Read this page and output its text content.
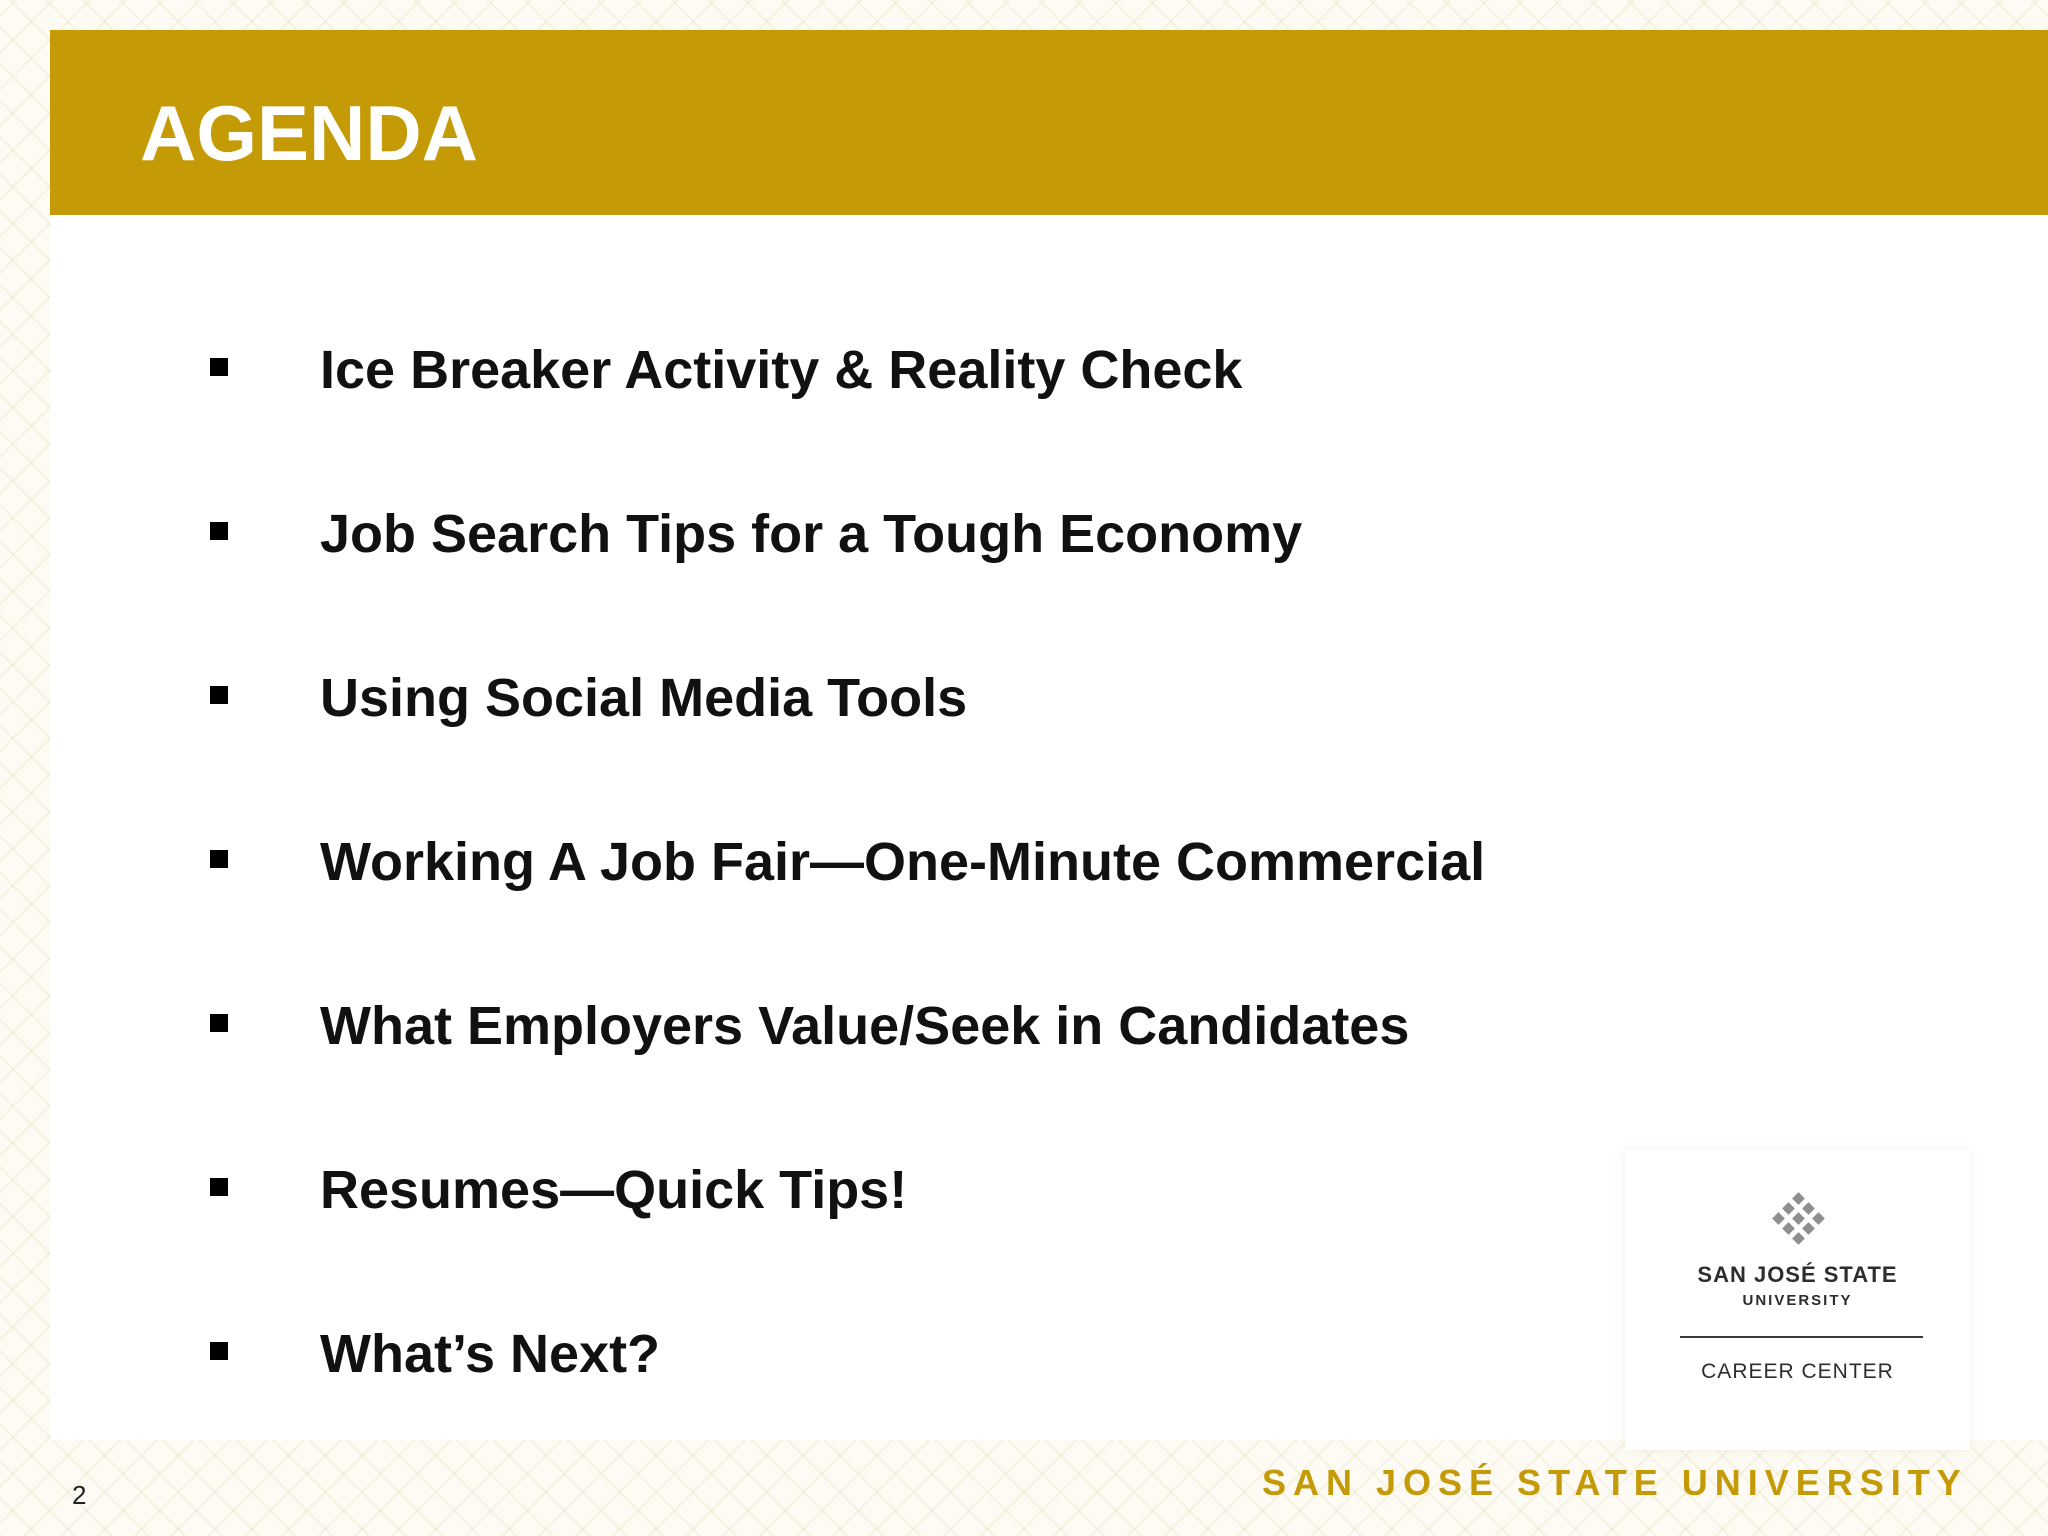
AGENDA
Ice Breaker Activity & Reality Check
Job Search Tips for a Tough Economy
Using Social Media Tools
Working A Job Fair—One-Minute Commercial
What Employers Value/Seek in Candidates
Resumes—Quick Tips!
What’s Next?
SAN JOSÉ STATE
UNIVERSITY
CAREER CENTER
SAN JOSÉ STATE UNIVERSITY
2
